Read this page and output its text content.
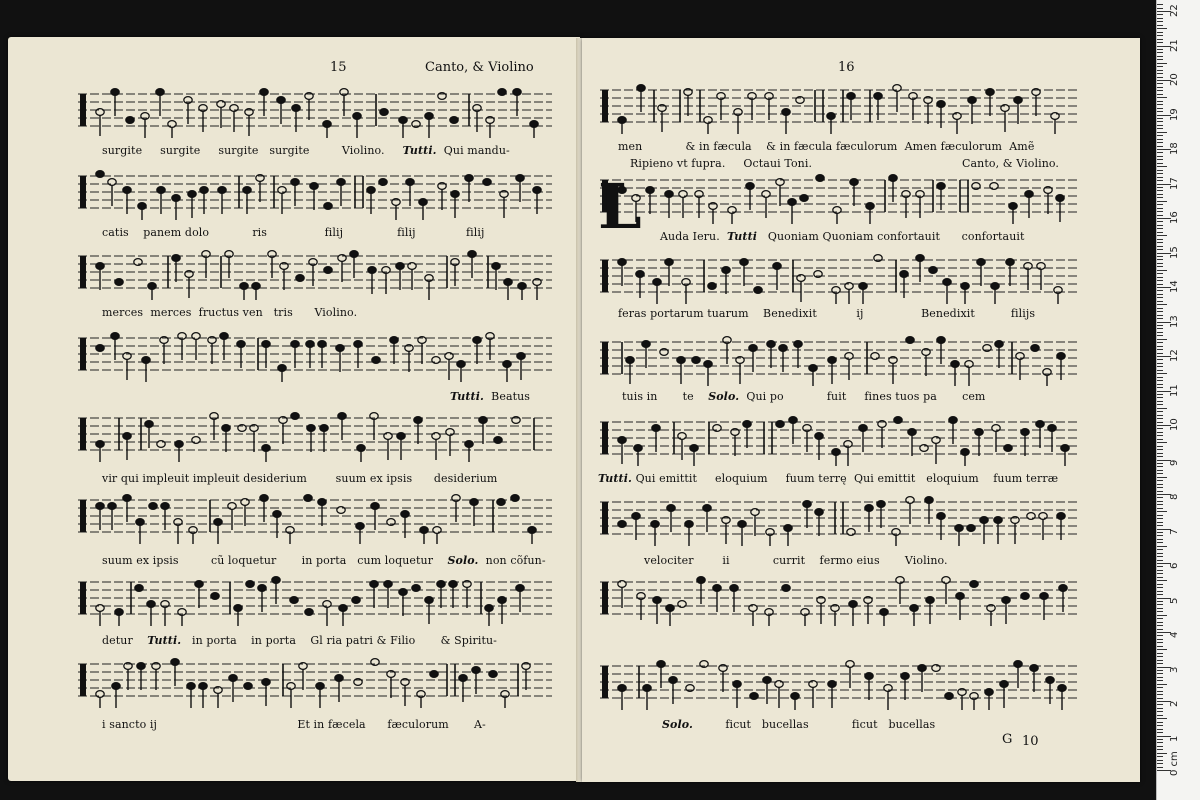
15	Canto, & Violino	16
surgite surgite surgite surgite	Violino. Tutti. Qui mandu-
catis panem dolo	ris	filij	filij	filij
merces merces fructus ven tris Violino.
Tutti. Beatus
vir qui impleuit impleuit desiderium	suum ex ipsis desiderium
suum ex ipsis	cũ loquetur in porta cum loquetur Solo. non cõfun-
detur Tutti. in porta in porta Gl ria patri & Filio & Spiritu-
i sancto ij	Et in fæcela fæculorum A-
men	& in fæcula & in fæcula fæculorum Amen fæculorum Amẽ
Ripieno vt fupra. Octaui Toni.	Canto, & Violino.
L Auda Ieru. Tutti Quoniam Quoniam confortauit confortauit
feras portarum tuarum Benedixit	ij	Benedixit	filijs
tuis in te Solo. Qui po	fuit fines tuos pa cem
Tutti. Qui emittit eloquium fuum terrę Qui emittit eloquium fuum terræ
velociter	ii	currit fermo eius Violino.
Solo.	ficut bucellas	ficut bucellas
G 10
0 cm
1
2
3
4
5
6
7
8
9
10
11
12
13
14
15
16
17
18
19
20
21
22
